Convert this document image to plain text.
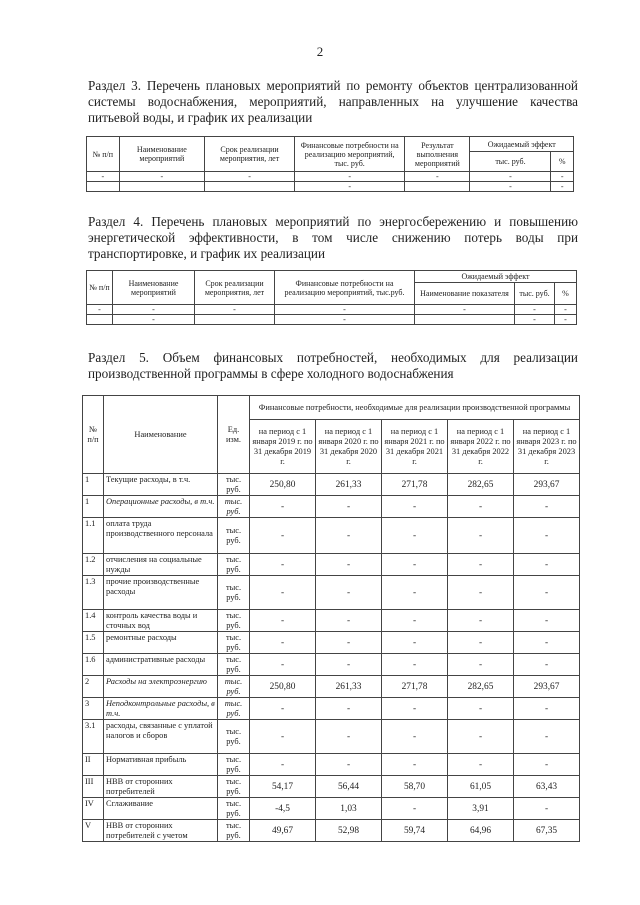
2

Раздел 3. Перечень плановых мероприятий по ремонту объектов централизованной системы водоснабжения, мероприятий, направленных на улучшение качества питьевой воды, и график их реализации

№ п/п	Наименование мероприятий	Срок реализации мероприятия, лет	Финансовые потребности на реализацию мероприятий, тыс. руб.	Результат выполнения мероприятий	Ожидаемый эффект	
					тыс. руб.	%
-	-	-	-	-	-	-
			-		-	-

Раздел 4. Перечень плановых мероприятий по энергосбережению и повышению энергетической эффективности, в том числе снижению потерь воды при транспортировке, и график их реализации

№ п/п	Наименование мероприятий	Срок реализации мероприятия, лет	Финансовые потребности на реализацию мероприятий, тыс.руб.	Ожидаемый эффект		
				Наименование показателя	тыс. руб.	%
-	-	-	-	-	-	-
	-		-		-	-

Раздел 5. Объем финансовых потребностей, необходимых для реализации производственной программы в сфере холодного водоснабжения

№ п/п	Наименование	Ед. изм.	Финансовые потребности, необходимые для реализации производственной программы				
			на период с 1 января 2019 г. по 31 декабря 2019 г.	на период с 1 января 2020 г. по 31 декабря 2020 г.	на период с 1 января 2021 г. по 31 декабря 2021 г.	на период с 1 января 2022 г. по 31 декабря 2022 г.	на период с 1 января 2023 г. по 31 декабря 2023 г.
1	Текущие расходы, в т.ч.	тыс. руб.	250,80	261,33	271,78	282,65	293,67
1	Операционные расходы, в т.ч.	тыс. руб.	-	-	-	-	-
1.1	оплата труда производственного персонала	тыс. руб.	-	-	-	-	-
1.2	отчисления на социальные нужды	тыс. руб.	-	-	-	-	-
1.3	прочие производственные расходы	тыс. руб.	-	-	-	-	-
1.4	контроль качества воды и сточных вод	тыс. руб.	-	-	-	-	-
1.5	ремонтные расходы	тыс. руб.	-	-	-	-	-
1.6	административные расходы	тыс. руб.	-	-	-	-	-
2	Расходы на электроэнергию	тыс. руб.	250,80	261,33	271,78	282,65	293,67
3	Неподконтрольные расходы, в т.ч.	тыс. руб.	-	-	-	-	-
3.1	расходы, связанные с уплатой налогов и сборов	тыс. руб.	-	-	-	-	-
II	Нормативная прибыль	тыс. руб.	-	-	-	-	-
III	НВВ от сторонних потребителей	тыс. руб.	54,17	56,44	58,70	61,05	63,43
IV	Сглаживание	тыс. руб.	-4,5	1,03	-	3,91	-
V	НВВ от сторонних потребителей с учетом	тыс. руб.	49,67	52,98	59,74	64,96	67,35
